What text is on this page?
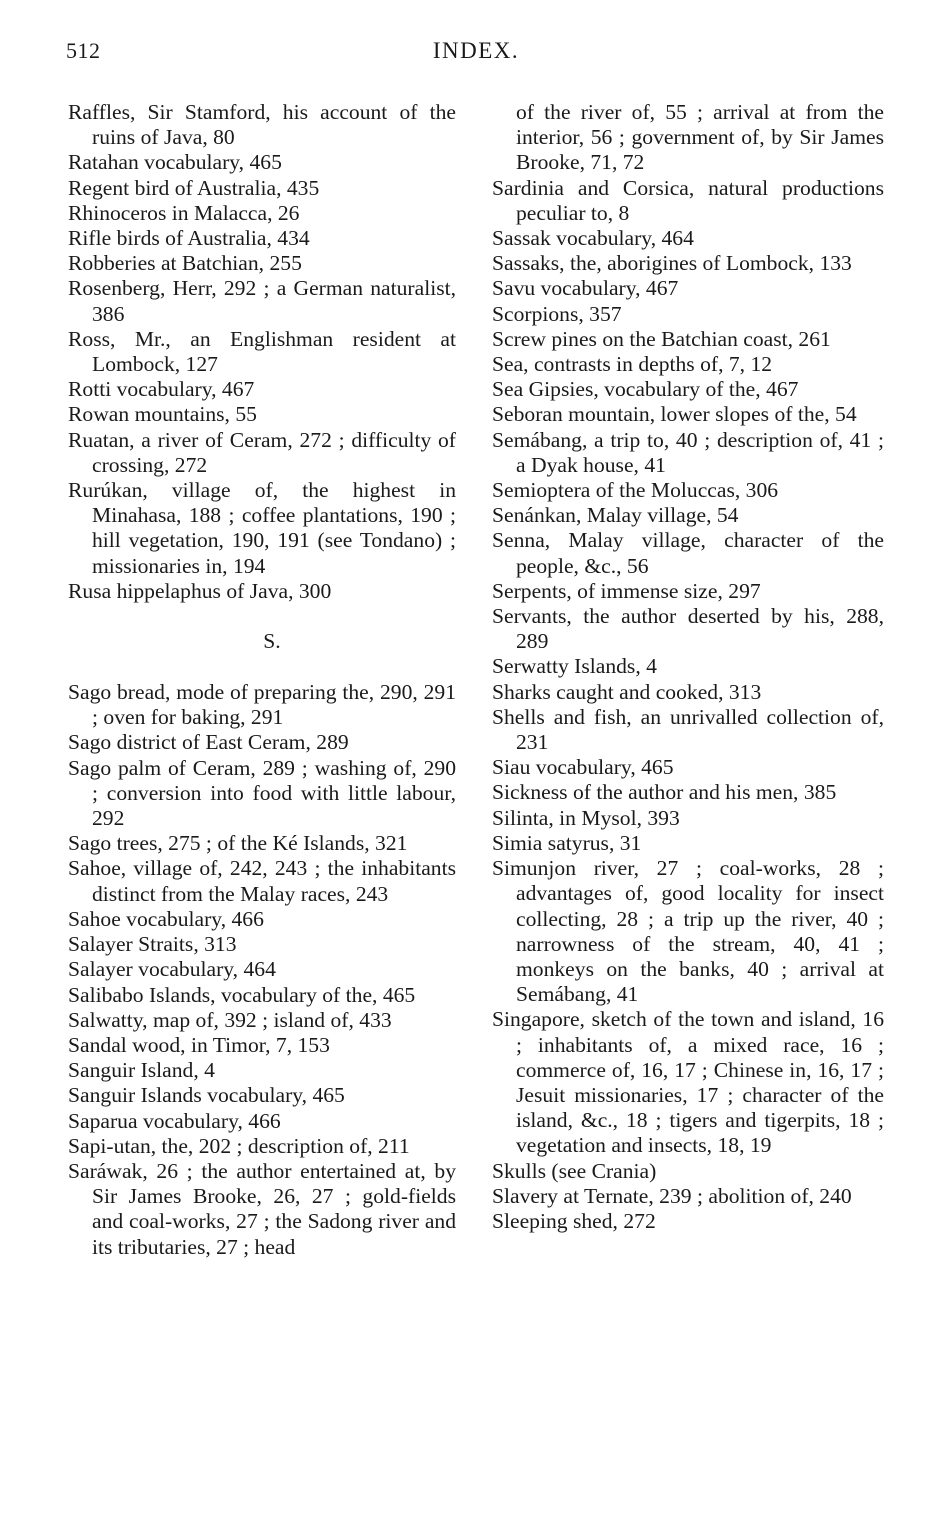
512	INDEX.

Raffles, Sir Stamford, his account of the ruins of Java, 80

Ratahan vocabulary, 465

Regent bird of Australia, 435

Rhinoceros in Malacca, 26

Rifle birds of Australia, 434

Robberies at Batchian, 255

Rosenberg, Herr, 292 ; a German naturalist, 386

Ross, Mr., an Englishman resident at Lombock, 127

Rotti vocabulary, 467

Rowan mountains, 55

Ruatan, a river of Ceram, 272 ; difficulty of crossing, 272

Rurúkan, village of, the highest in Minahasa, 188 ; coffee plantations, 190 ; hill vegetation, 190, 191 (see Tondano) ; missionaries in, 194

Rusa hippelaphus of Java, 300

S.

Sago bread, mode of preparing the, 290, 291 ; oven for baking, 291

Sago district of East Ceram, 289

Sago palm of Ceram, 289 ; washing of, 290 ; conversion into food with little labour, 292

Sago trees, 275 ; of the Ké Islands, 321

Sahoe, village of, 242, 243 ; the inhabitants distinct from the Malay races, 243

Sahoe vocabulary, 466

Salayer Straits, 313

Salayer vocabulary, 464

Salibabo Islands, vocabulary of the, 465

Salwatty, map of, 392 ; island of, 433

Sandal wood, in Timor, 7, 153

Sanguir Island, 4

Sanguir Islands vocabulary, 465

Saparua vocabulary, 466

Sapi-utan, the, 202 ; description of, 211

Saráwak, 26 ; the author entertained at, by Sir James Brooke, 26, 27 ; gold-fields and coal-works, 27 ; the Sadong river and its tributaries, 27 ; head

of the river of, 55 ; arrival at from the interior, 56 ; government of, by Sir James Brooke, 71, 72

Sardinia and Corsica, natural productions peculiar to, 8

Sassak vocabulary, 464

Sassaks, the, aborigines of Lombock, 133

Savu vocabulary, 467

Scorpions, 357

Screw pines on the Batchian coast, 261

Sea, contrasts in depths of, 7, 12

Sea Gipsies, vocabulary of the, 467

Seboran mountain, lower slopes of the, 54

Semábang, a trip to, 40 ; description of, 41 ; a Dyak house, 41

Semioptera of the Moluccas, 306

Senánkan, Malay village, 54

Senna, Malay village, character of the people, &c., 56

Serpents, of immense size, 297

Servants, the author deserted by his, 288, 289

Serwatty Islands, 4

Sharks caught and cooked, 313

Shells and fish, an unrivalled collection of, 231

Siau vocabulary, 465

Sickness of the author and his men, 385

Silinta, in Mysol, 393

Simia satyrus, 31

Simunjon river, 27 ; coal-works, 28 ; advantages of, good locality for insect collecting, 28 ; a trip up the river, 40 ; narrowness of the stream, 40, 41 ; monkeys on the banks, 40 ; arrival at Semábang, 41

Singapore, sketch of the town and island, 16 ; inhabitants of, a mixed race, 16 ; commerce of, 16, 17 ; Chinese in, 16, 17 ; Jesuit missionaries, 17 ; character of the island, &c., 18 ; tigers and tigerpits, 18 ; vegetation and insects, 18, 19

Skulls (see Crania)

Slavery at Ternate, 239 ; abolition of, 240

Sleeping shed, 272
